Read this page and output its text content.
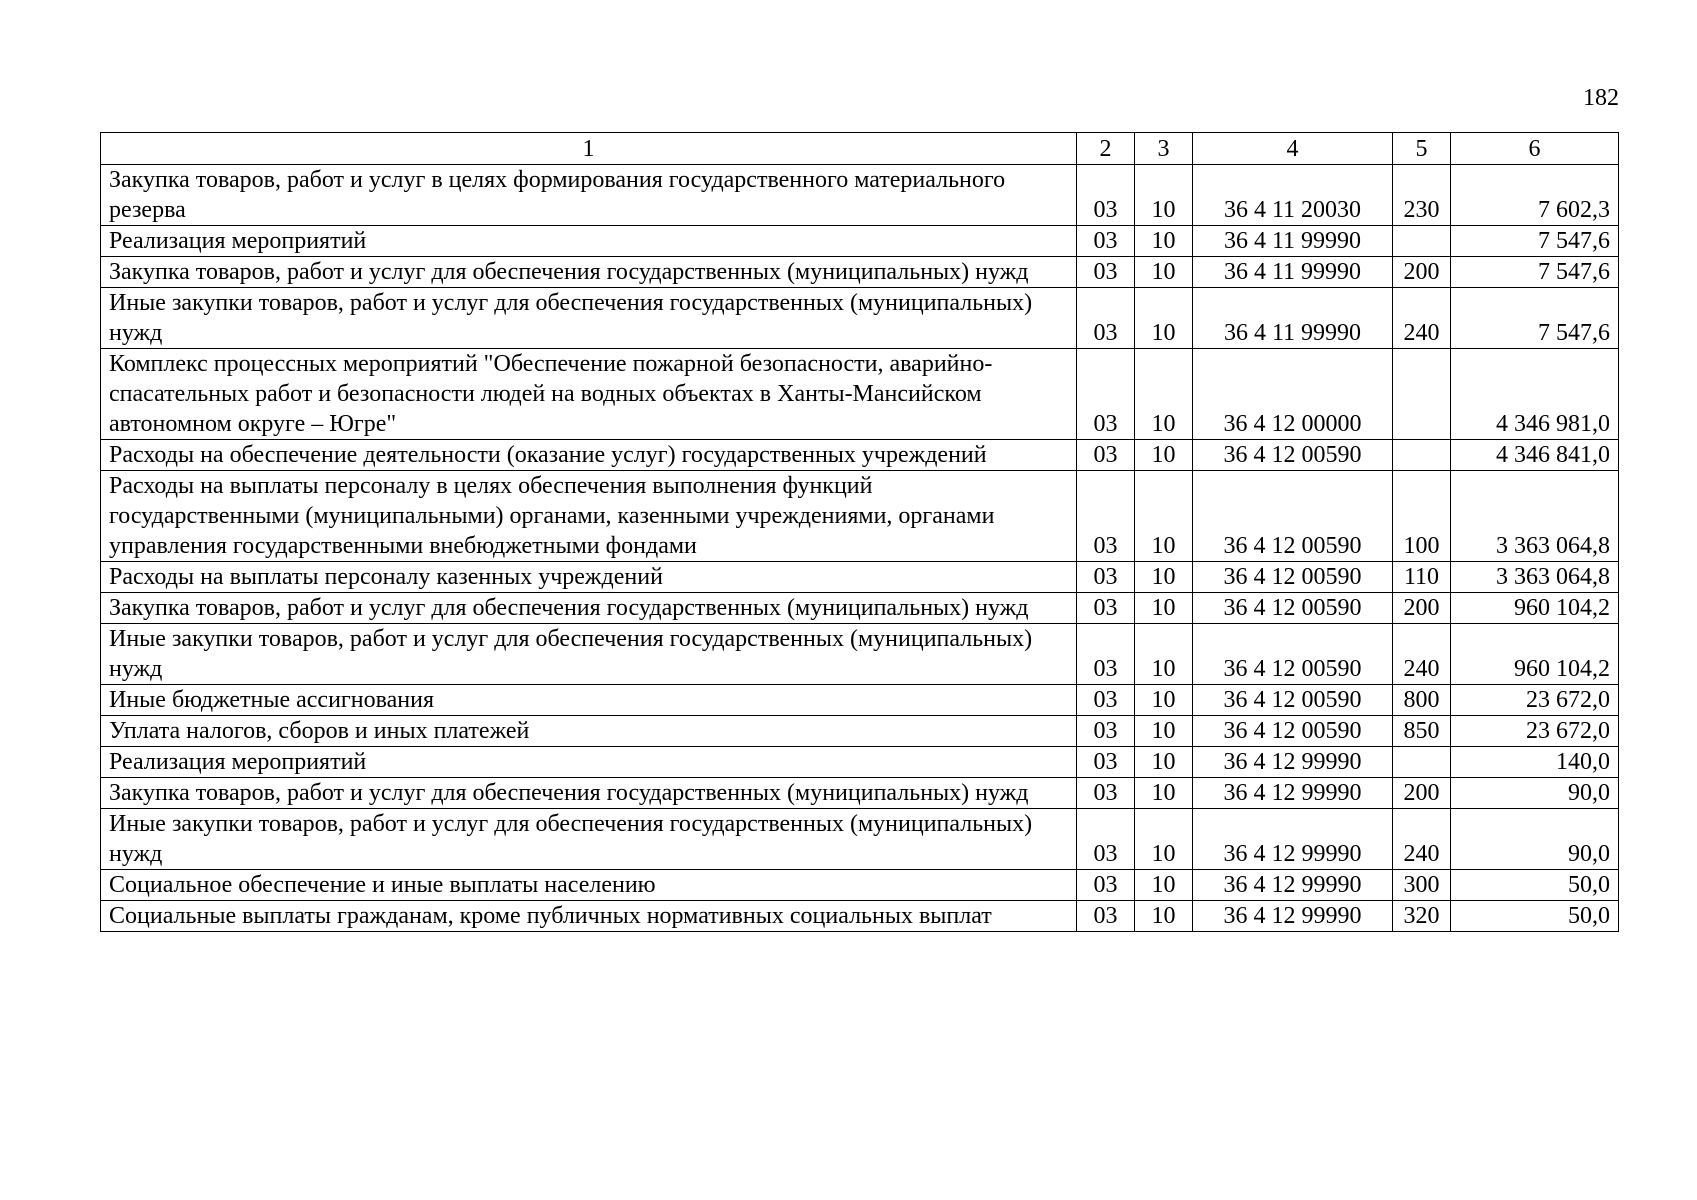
182
1	2	3	4	5	6
Закупка товаров, работ и услуг в целях формирования государственного материального резерва	03	10	36 4 11 20030	230	7 602,3
Реализация мероприятий	03	10	36 4 11 99990		7 547,6
Закупка товаров, работ и услуг для обеспечения государственных (муниципальных) нужд	03	10	36 4 11 99990	200	7 547,6
Иные закупки товаров, работ и услуг для обеспечения государственных (муниципальных) нужд	03	10	36 4 11 99990	240	7 547,6
Комплекс процессных мероприятий "Обеспечение пожарной безопасности, аварийно-спасательных работ и безопасности людей на водных объектах в Ханты-Мансийском автономном округе – Югре"	03	10	36 4 12 00000		4 346 981,0
Расходы на обеспечение деятельности (оказание услуг) государственных учреждений	03	10	36 4 12 00590		4 346 841,0
Расходы на выплаты персоналу в целях обеспечения выполнения функций государственными (муниципальными) органами, казенными учреждениями, органами управления государственными внебюджетными фондами	03	10	36 4 12 00590	100	3 363 064,8
Расходы на выплаты персоналу казенных учреждений	03	10	36 4 12 00590	110	3 363 064,8
Закупка товаров, работ и услуг для обеспечения государственных (муниципальных) нужд	03	10	36 4 12 00590	200	960 104,2
Иные закупки товаров, работ и услуг для обеспечения государственных (муниципальных) нужд	03	10	36 4 12 00590	240	960 104,2
Иные бюджетные ассигнования	03	10	36 4 12 00590	800	23 672,0
Уплата налогов, сборов и иных платежей	03	10	36 4 12 00590	850	23 672,0
Реализация мероприятий	03	10	36 4 12 99990		140,0
Закупка товаров, работ и услуг для обеспечения государственных (муниципальных) нужд	03	10	36 4 12 99990	200	90,0
Иные закупки товаров, работ и услуг для обеспечения государственных (муниципальных) нужд	03	10	36 4 12 99990	240	90,0
Социальное обеспечение и иные выплаты населению	03	10	36 4 12 99990	300	50,0
Социальные выплаты гражданам, кроме публичных нормативных социальных выплат	03	10	36 4 12 99990	320	50,0
